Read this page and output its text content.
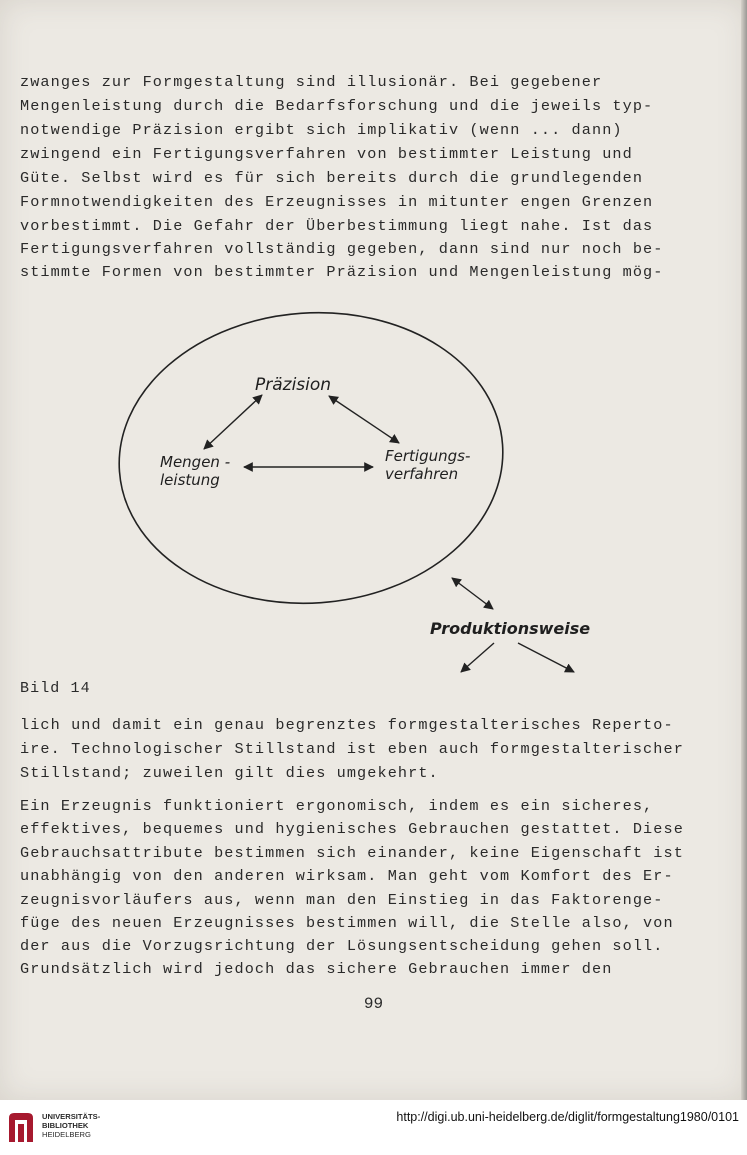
zwanges zur Formgestaltung sind illusionär. Bei gegebener
Mengenleistung durch die Bedarfsforschung und die jeweils typ-
notwendige Präzision ergibt sich implikativ (wenn ... dann)
zwingend ein Fertigungsverfahren von bestimmter Leistung und
Güte. Selbst wird es für sich bereits durch die grundlegenden
Formnotwendigkeiten des Erzeugnisses in mitunter engen Grenzen
vorbestimmt. Die Gefahr der Überbestimmung liegt nahe. Ist das
Fertigungsverfahren vollständig gegeben, dann sind nur noch be-
stimmte Formen von bestimmter Präzision und Mengenleistung mög-
Präzision
Mengen -
leistung
Fertigungs-
verfahren
Produktionsweise
Bild 14
lich und damit ein genau begrenztes formgestalterisches Reperto-
ire. Technologischer Stillstand ist eben auch formgestalterischer
Stillstand; zuweilen gilt dies umgekehrt.
Ein Erzeugnis funktioniert ergonomisch, indem es ein sicheres,
effektives, bequemes und hygienisches Gebrauchen gestattet. Diese
Gebrauchsattribute bestimmen sich einander, keine Eigenschaft ist
unabhängig von den anderen wirksam. Man geht vom Komfort des Er-
zeugnisvorläufers aus, wenn man den Einstieg in das Faktorenge-
füge des neuen Erzeugnisses bestimmen will, die Stelle also, von
der aus die Vorzugsrichtung der Lösungsentscheidung gehen soll.
Grundsätzlich wird jedoch das sichere Gebrauchen immer den
99
UNIVERSITÄTS-
BIBLIOTHEK
HEIDELBERG
http://digi.ub.uni-heidelberg.de/diglit/formgestaltung1980/0101
